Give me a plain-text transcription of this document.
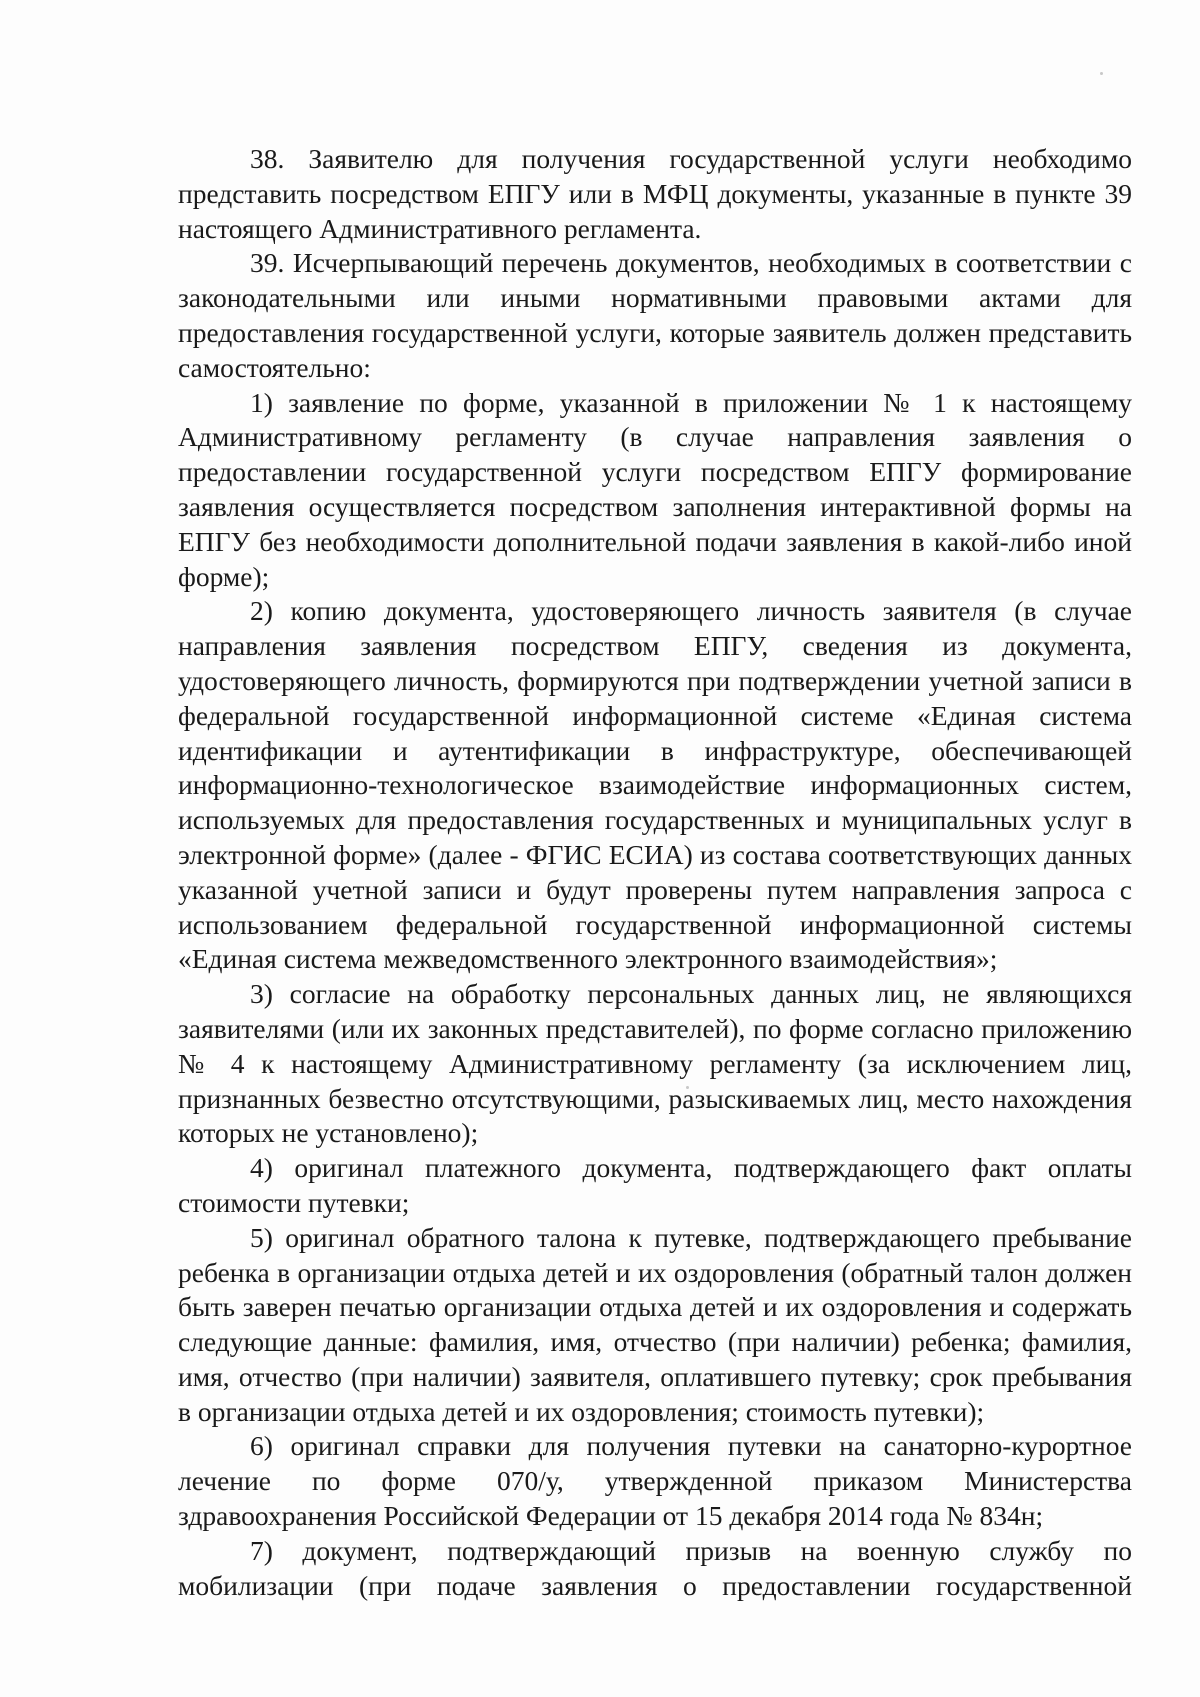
38. Заявителю для получения государственной услуги необходимо представить посредством ЕПГУ или в МФЦ документы, указанные в пункте 39 настоящего Административного регламента.

39. Исчерпывающий перечень документов, необходимых в соответствии с законодательными или иными нормативными правовыми актами для предоставления государственной услуги, которые заявитель должен представить самостоятельно:

1) заявление по форме, указанной в приложении № 1 к настоящему Административному регламенту (в случае направления заявления о предоставлении государственной услуги посредством ЕПГУ формирование заявления осуществляется посредством заполнения интерактивной формы на ЕПГУ без необходимости дополнительной подачи заявления в какой-либо иной форме);

2) копию документа, удостоверяющего личность заявителя (в случае направления заявления посредством ЕПГУ, сведения из документа, удостоверяющего личность, формируются при подтверждении учетной записи в федеральной государственной информационной системе «Единая система идентификации и аутентификации в инфраструктуре, обеспечивающей информационно-технологическое взаимодействие информационных систем, используемых для предоставления государственных и муниципальных услуг в электронной форме» (далее - ФГИС ЕСИА) из состава соответствующих данных указанной учетной записи и будут проверены путем направления запроса с использованием федеральной государственной информационной системы «Единая система межведомственного электронного взаимодействия»;

3) согласие на обработку персональных данных лиц, не являющихся заявителями (или их законных представителей), по форме согласно приложению № 4 к настоящему Административному регламенту (за исключением лиц, признанных безвестно отсутствующими, разыскиваемых лиц, место нахождения которых не установлено);

4) оригинал платежного документа, подтверждающего факт оплаты стоимости путевки;

5) оригинал обратного талона к путевке, подтверждающего пребывание ребенка в организации отдыха детей и их оздоровления (обратный талон должен быть заверен печатью организации отдыха детей и их оздоровления и содержать следующие данные: фамилия, имя, отчество (при наличии) ребенка; фамилия, имя, отчество (при наличии) заявителя, оплатившего путевку; срок пребывания в организации отдыха детей и их оздоровления; стоимость путевки);

6) оригинал справки для получения путевки на санаторно-курортное лечение по форме 070/у, утвержденной приказом Министерства здравоохранения Российской Федерации от 15 декабря 2014 года № 834н;

7) документ, подтверждающий призыв на военную службу по мобилизации (при подаче заявления о предоставлении государственной
